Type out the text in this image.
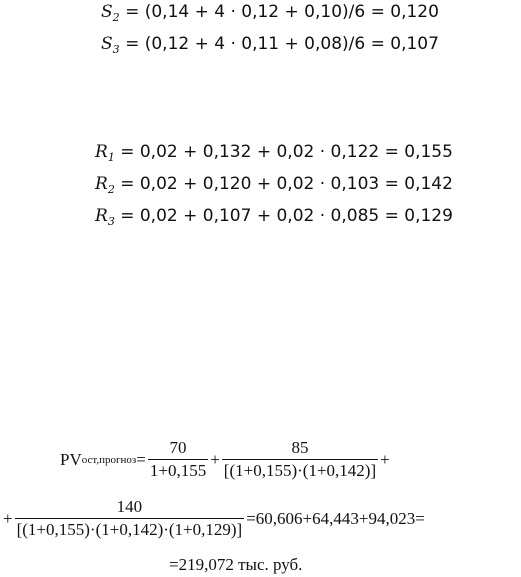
$S_2 = (0,14 + 4 \cdot 0,12 + 0,10)/6 = 0,120$
$S_3 = (0,12 + 4 \cdot 0,11 + 0,08)/6 = 0,107$
$R_1 = 0,02 + 0,132 + 0,02 \cdot 0,122 = 0,155$
$R_2 = 0,02 + 0,120 + 0,02 \cdot 0,103 = 0,142$
$R_3 = 0,02 + 0,107 + 0,02 \cdot 0,085 = 0,129$
PV ост,прогноз = $\frac{70}{1+0,155} + \frac{85}{[(1+0,155)\cdot(1+0,142)]}$ +
+ $\frac{140}{[(1+0,155)\cdot(1+0,142)\cdot(1+0,129)]} =60,606+64,443+94,023=$
=219,072 тыс. руб.
